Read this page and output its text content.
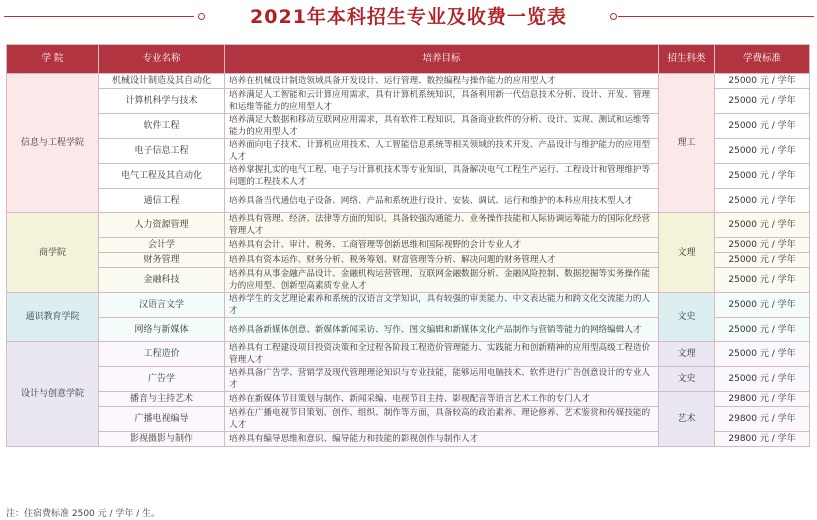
2021年本科招生专业及收费一览表
学 院	专业名称	培养目标	招生科类	学费标准
信息与工程学院	机械设计制造及其自动化	培养在机械设计制造领域具备开发设计、运行管理、数控编程与操作能力的应用型人才	理工	25000 元 / 学年
	计算机科学与技术	培养满足人工智能和云计算应用需求，具有计算机系统知识，具备利用新一代信息技术分析、设计、开发、管理和运维等能力的应用型人才		25000 元 / 学年
	软件工程	培养满足大数据和移动互联网应用需求，具有软件工程知识，具备商业软件的分析、设计、实现、测试和运维等能力的应用型人才		25000 元 / 学年
	电子信息工程	培养面向电子技术、计算机应用技术、人工智能信息系统等相关领域的技术开发、产品设计与维护能力的应用型人才		25000 元 / 学年
	电气工程及其自动化	培养掌握扎实的电气工程、电子与计算机技术等专业知识，具备解决电气工程生产运行、工程设计和管理维护等问题的工程技术人才		25000 元 / 学年
	通信工程	培养具备当代通信电子设备、网络、产品和系统进行设计、安装、调试、运行和维护的本科应用技术型人才		25000 元 / 学年
商学院	人力资源管理	培养具有管理、经济、法律等方面的知识，具备较强沟通能力、业务操作技能和人际协调运筹能力的国际化经营管理人才	文理	25000 元 / 学年
	会计学	培养具有会计、审计、税务、工商管理等创新思维和国际视野的会计专业人才		25000 元 / 学年
	财务管理	培养具有资本运作、财务分析、税务筹划、财富管理等分析、解决问题的财务管理人才		25000 元 / 学年
	金融科技	培养具有从事金融产品设计、金融机构运营管理、互联网金融数据分析、金融风险控制、数据挖掘等实务操作能力的应用型、创新型高素质专业人才		25000 元 / 学年
通识教育学院	汉语言文学	培养学生的文艺理论素养和系统的汉语言文学知识，具有较强的审美能力、中文表达能力和跨文化交流能力的人才	文史	25000 元 / 学年
	网络与新媒体	培养具备新媒体创意、新媒体新闻采访、写作、图文编辑和新媒体文化产品制作与营销等能力的网络编辑人才		25000 元 / 学年
设计与创意学院	工程造价	培养具有工程建设项目投资决策和全过程各阶段工程造价管理能力、实践能力和创新精神的应用型高级工程造价管理人才	文理	25000 元 / 学年
	广告学	培养具备广告学、营销学及现代管理理论知识与专业技能，能够运用电脑技术、软件进行广告创意设计的专业人才	文史	25000 元 / 学年
	播音与主持艺术	培养在新媒体节目策划与制作、新闻采编、电视节目主持、影视配音等语言艺术工作的专门人才	艺术	29800 元 / 学年
	广播电视编导	培养在广播电视节目策划、创作、组织、制作等方面，具备较高的政治素养、理论修养、艺术鉴赏和传媒技能的人才		29800 元 / 学年
	影视摄影与制作	培养具有编导思维和意识、编导能力和技能的影视创作与制作人才		29800 元 / 学年
注：住宿费标准 2500 元 / 学年 / 生。
